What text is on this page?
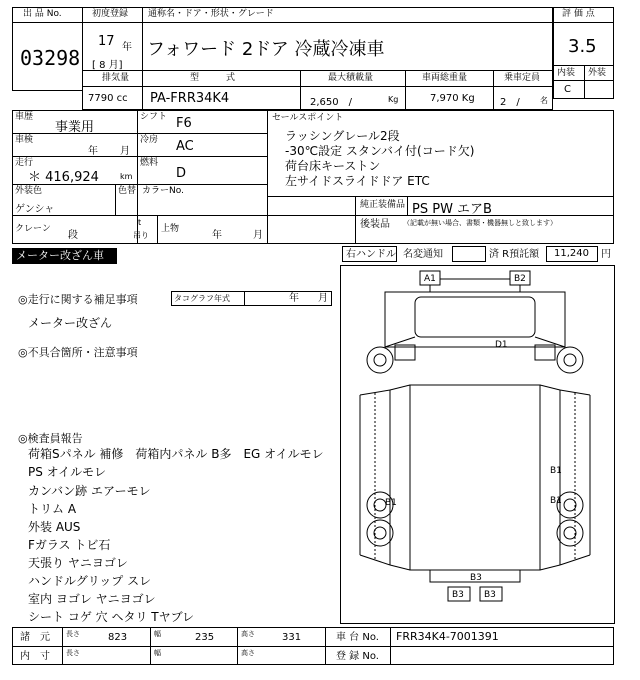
出 品 No.
03298
初度登録
17 年
[ 8 月]
通称名・ドア・形状・グレード
フォワード 2ドア 冷蔵冷凍車
評 価 点
3.5
内装 外装
C
排気量
7790 cc
型　　　式
PA-FRR34K4
最大積載量
2,650　/	Kg
車両総重量
7,970 Kg
乗車定員
2　/	名
車歴
事業用
シフト F6
車検
年 月
冷房 AC
走行
＊ 416,924	km
燃料
D
外装色
ゲンシャ
色替 カラーNo.
クレーン
段
t
吊り
上物
年	月
セールスポイント
ラッシングレール2段
-30℃設定 スタンバイ付(コード欠)
荷台床キーストン
左サイドスライドドア ETC
純正装備品 PS PW エアB
後装品 （記載が無い場合、書類・機器無しと致します）
メーター改ざん車	右ハンドル 名変通知	済 R預託額 11,240 円
◎走行に関する補足事項	タコグラフ年式	年 月
メーター改ざん
◎不具合箇所・注意事項
◎検査員報告
荷箱Sパネル 補修　荷箱内パネル B多　EG オイルモレ
PS オイルモレ
カンバン跡 エアーモレ
トリム A
外装 AUS
Fガラス トビ石
天張り ヤニヨゴレ
ハンドルグリップ スレ
室内 ヨゴレ ヤニヨゴレ
シート コゲ 穴 ヘタリ Tヤブレ
A1	B2
D1
B1
B1	B1
B3
B3 B3
諸　元 長さ	823	幅	235	高さ	331	車 台 No. FRR34K4-7001391
内　寸 長さ	幅	高さ	登 録 No.
